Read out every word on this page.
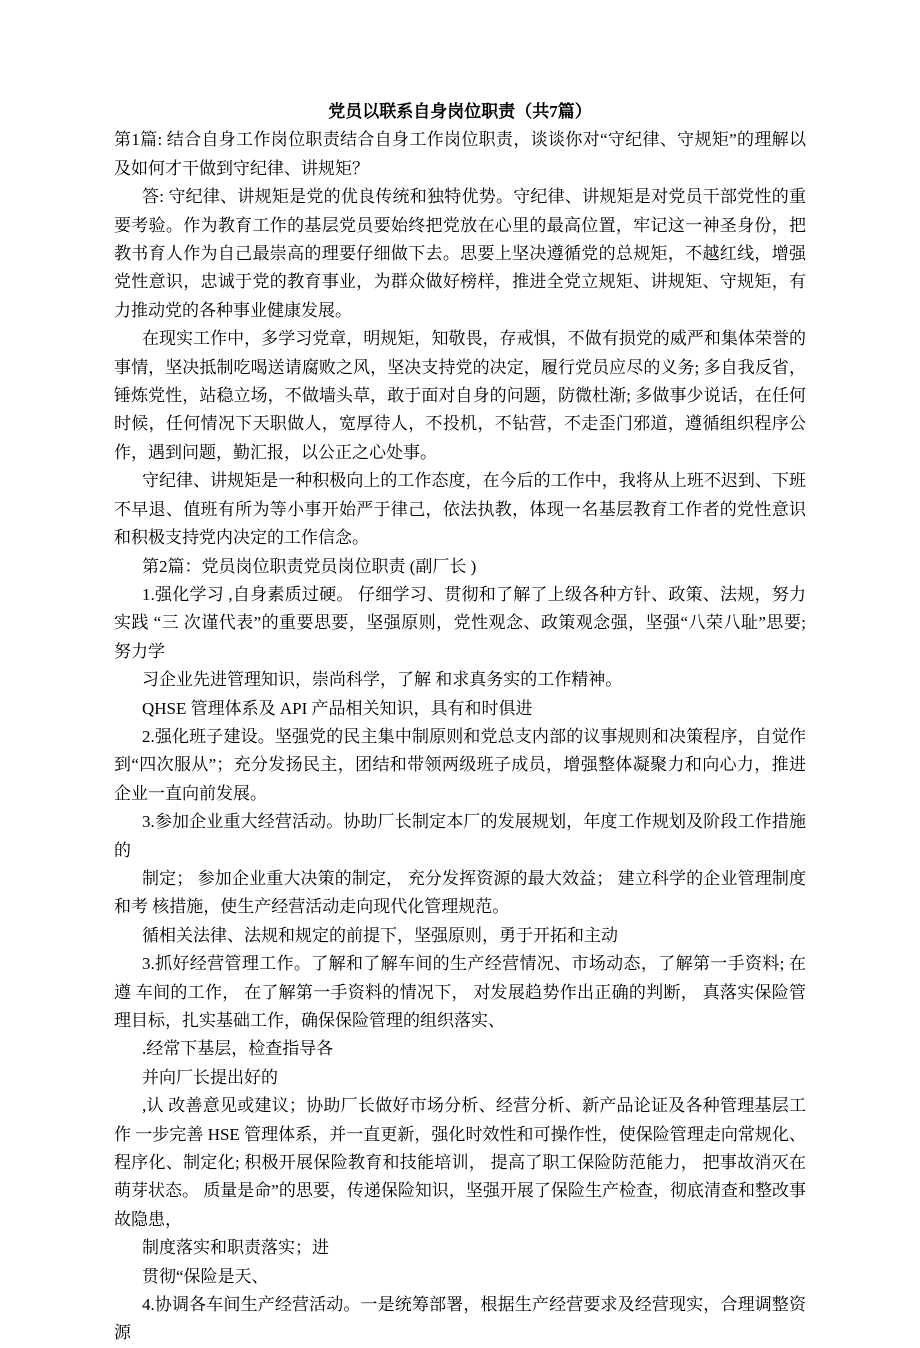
党员以联系自身岗位职责（共7篇）

第1篇: 结合自身工作岗位职责结合自身工作岗位职责，谈谈你对“守纪律、守规矩”的理解以及如何才干做到守纪律、讲规矩？

答: 守纪律、讲规矩是党的优良传统和独特优势。守纪律、讲规矩是对党员干部党性的重要考验。作为教育工作的基层党员要始终把党放在心里的最高位置，牢记这一神圣身份，把教书育人作为自己最崇高的理要仔细做下去。思要上坚决遵循党的总规矩，不越红线，增强党性意识，忠诚于党的教育事业，为群众做好榜样，推进全党立规矩、讲规矩、守规矩，有力推动党的各种事业健康发展。

在现实工作中，多学习党章，明规矩，知敬畏，存戒惧，不做有损党的威严和集体荣誉的事情，坚决抵制吃喝送请腐败之风，坚决支持党的决定，履行党员应尽的义务; 多自我反省，锤炼党性，站稳立场，不做墙头草，敢于面对自身的问题，防微杜渐; 多做事少说话，在任何时候，任何情况下天职做人，宽厚待人，不投机，不钻营，不走歪门邪道，遵循组织程序公作，遇到问题，勤汇报，以公正之心处事。

守纪律、讲规矩是一种积极向上的工作态度，在今后的工作中，我将从上班不迟到、下班不早退、值班有所为等小事开始严于律己，依法执教，体现一名基层教育工作者的党性意识和积极支持党内决定的工作信念。

第2篇：党员岗位职责党员岗位职责 (副厂长 )

1.强化学习 ,自身素质过硬。 仔细学习、贯彻和了解了上级各种方针、政策、法规，努力实践 “三 次谨代表”的重要思要，坚强原则，党性观念、政策观念强，坚强“八荣八耻”思要; 努力学

习企业先进管理知识，崇尚科学，了解 和求真务实的工作精神。

QHSE 管理体系及 API 产品相关知识，具有和时俱进

2.强化班子建设。坚强党的民主集中制原则和党总支内部的议事规则和决策程序，自觉作到“四次服从”；充分发扬民主，团结和带领两级班子成员，增强整体凝聚力和向心力，推进 企业一直向前发展。

3.参加企业重大经营活动。协助厂长制定本厂的发展规划，年度工作规划及阶段工作措施的

制定； 参加企业重大决策的制定， 充分发挥资源的最大效益； 建立科学的企业管理制度和考 核措施，使生产经营活动走向现代化管理规范。

循相关法律、法规和规定的前提下，坚强原则，勇于开拓和主动

3.抓好经营管理工作。了解和了解车间的生产经营情况、市场动态，了解第一手资料; 在遵 车间的工作， 在了解第一手资料的情况下， 对发展趋势作出正确的判断， 真落实保险管理目标，扎实基础工作，确保保险管理的组织落实、

.经常下基层，检查指导各

并向厂长提出好的

,认 改善意见或建议；协助厂长做好市场分析、经营分析、新产品论证及各种管理基层工作 一步完善 HSE 管理体系，并一直更新，强化时效性和可操作性，使保险管理走向常规化、程序化、制定化; 积极开展保险教育和技能培训， 提高了职工保险防范能力， 把事故消灭在萌芽状态。 质量是命”的思要，传递保险知识，坚强开展了保险生产检查，彻底清查和整改事故隐患，

制度落实和职责落实；进

贯彻“保险是天、

4.协调各车间生产经营活动。一是统筹部署，根据生产经营要求及经营现实，合理调整资源
